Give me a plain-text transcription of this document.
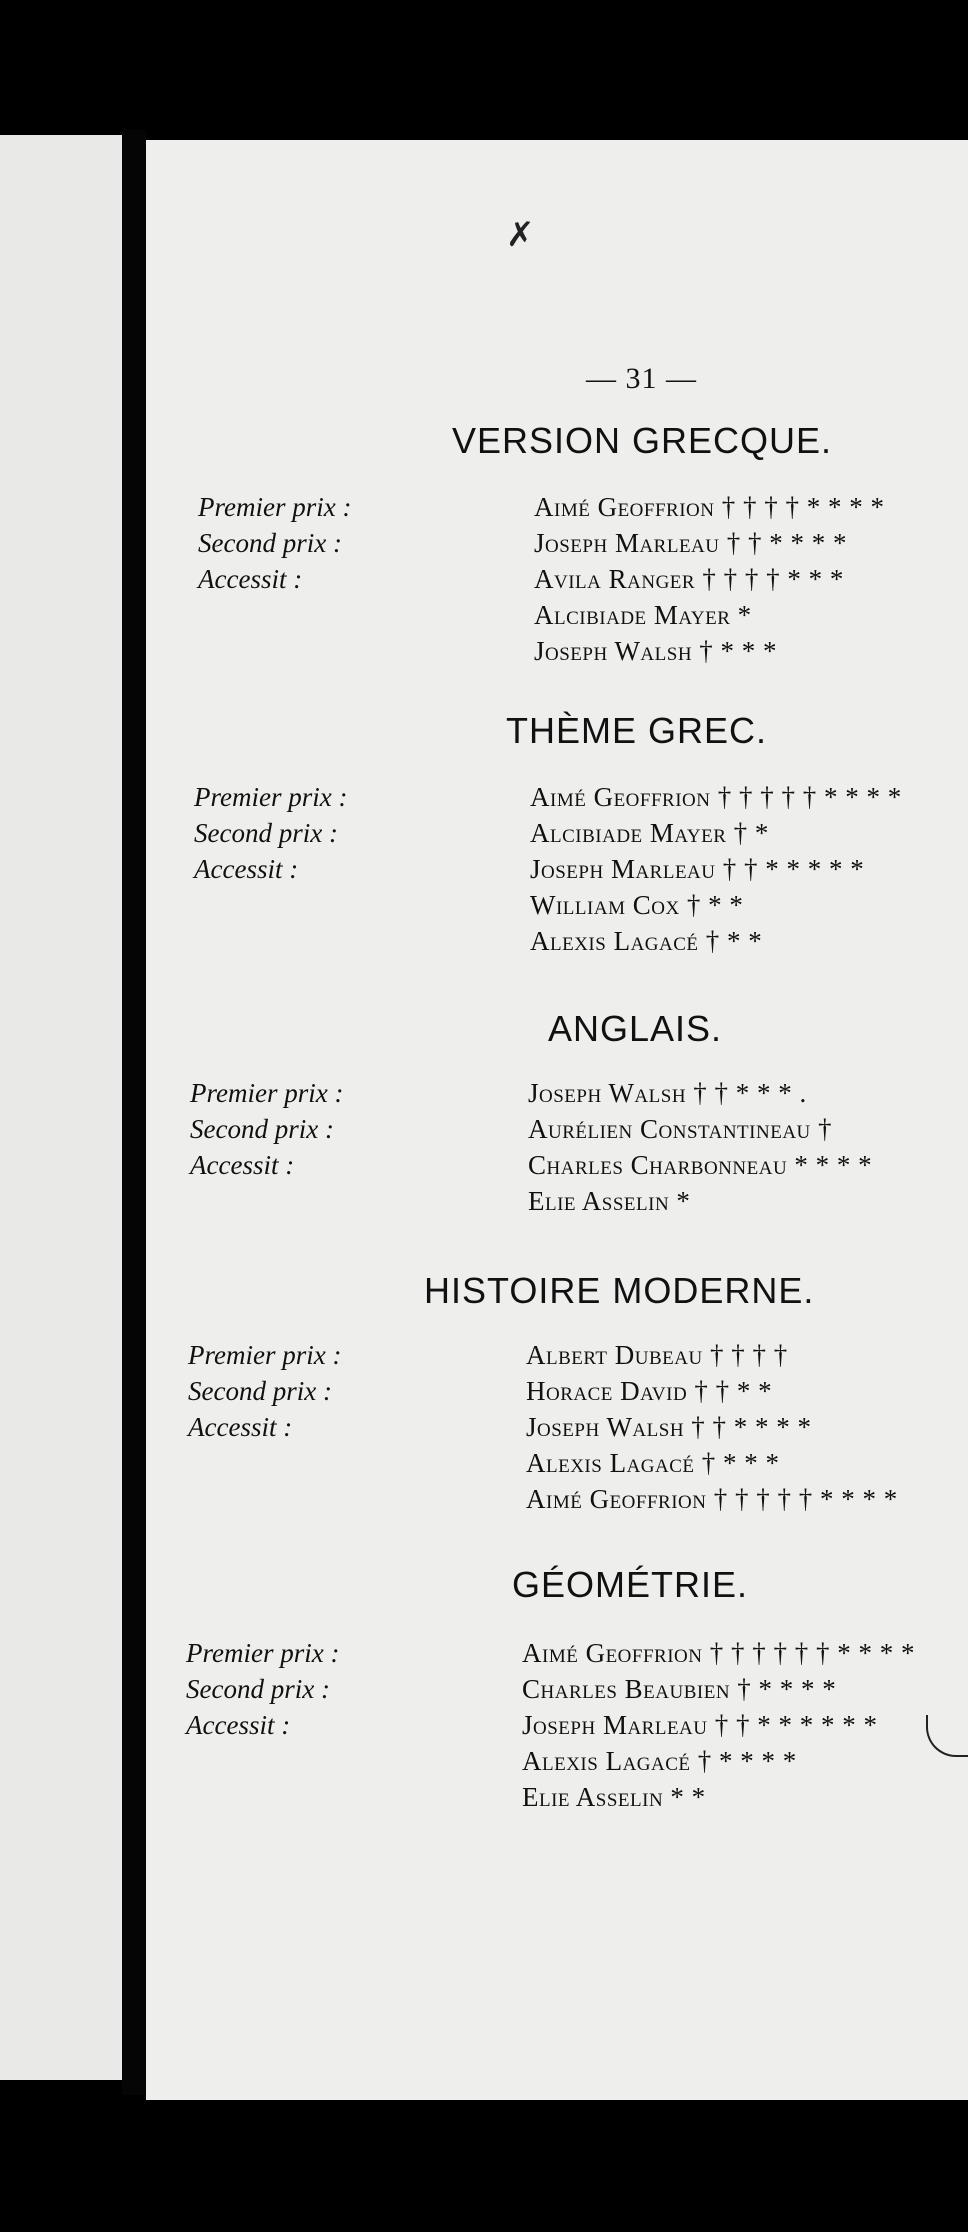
✗
— 31 —
VERSION GRECQUE.
Premier prix :	Aimé Geoffrion † † † † * * * *
Second prix :	Joseph Marleau † † * * * *
Accessit :	Avila Ranger † † † † * * *
Alcibiade Mayer *
Joseph Walsh † * * *
THÈME GREC.
Premier prix :	Aimé Geoffrion † † † † † * * * *
Second prix :	Alcibiade Mayer † *
Accessit :	Joseph Marleau † † * * * * *
William Cox † * *
Alexis Lagacé † * *
ANGLAIS.
Premier prix :	Joseph Walsh † † * * * .
Second prix :	Aurélien Constantineau †
Accessit :	Charles Charbonneau * * * *
Elie Asselin *
HISTOIRE MODERNE.
Premier prix :	Albert Dubeau † † † †
Second prix :	Horace David † † * *
Accessit :	Joseph Walsh † † * * * *
Alexis Lagacé † * * *
Aimé Geoffrion † † † † † * * * *
GÉOMÉTRIE.
Premier prix :	Aimé Geoffrion † † † † † † * * * *
Second prix :	Charles Beaubien † * * * *
Accessit :	Joseph Marleau † † * * * * * *
Alexis Lagacé † * * * *
Elie Asselin * *
